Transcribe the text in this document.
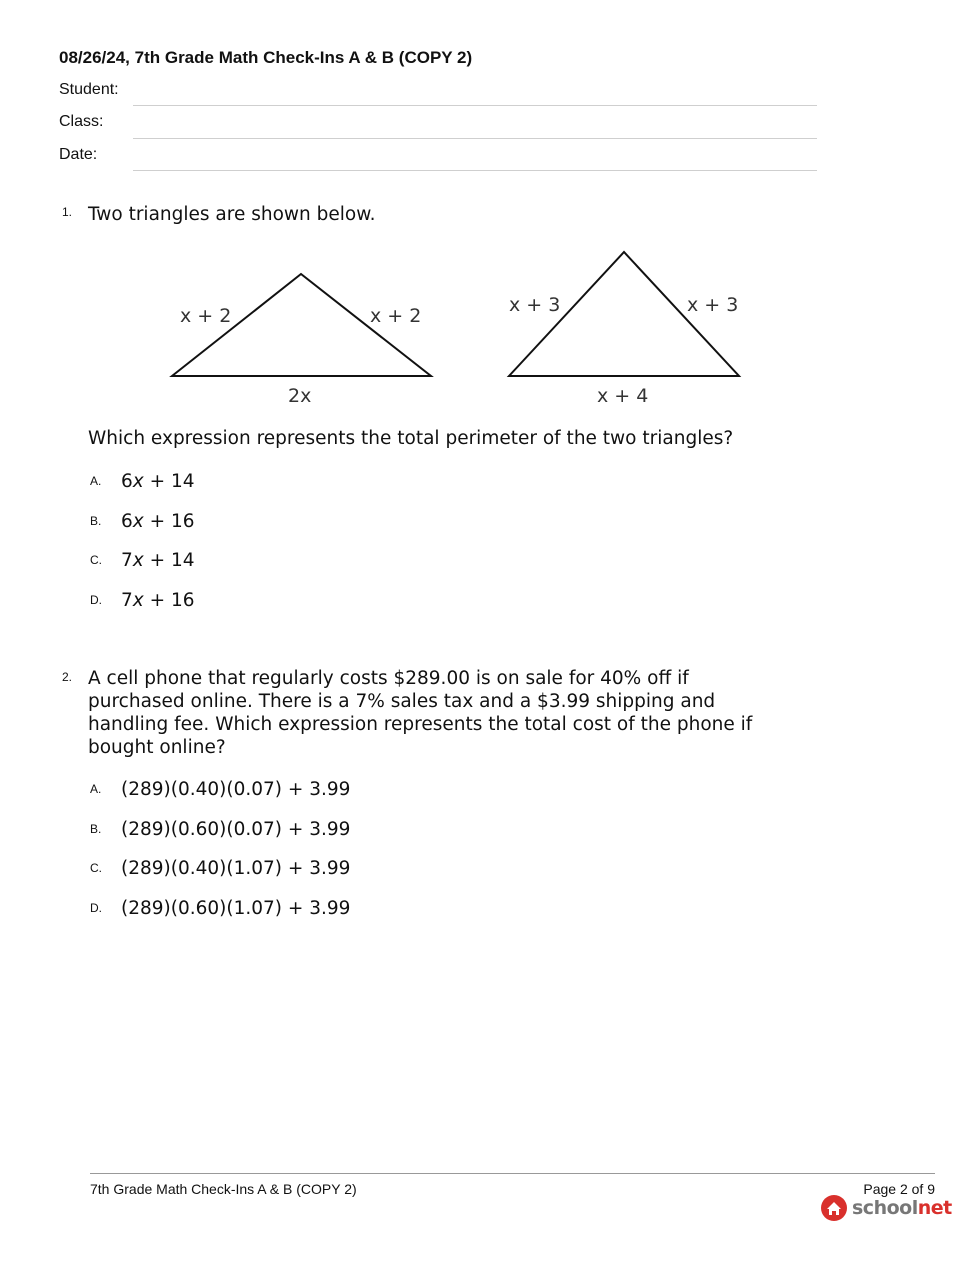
08/26/24, 7th Grade Math Check-Ins A & B (COPY 2)
Student:
Class:
Date:
1. Two triangles are shown below.
x + 2	x + 2
2x
x + 3	x + 3
x + 4
Which expression represents the total perimeter of the two triangles?
A. 6x + 14
B. 6x + 16
C. 7x + 14
D. 7x + 16
2. A cell phone that regularly costs $289.00 is on sale for 40% off if
purchased online. There is a 7% sales tax and a $3.99 shipping and
handling fee. Which expression represents the total cost of the phone if
bought online?
A. (289)(0.40)(0.07) + 3.99
B. (289)(0.60)(0.07) + 3.99
C. (289)(0.40)(1.07) + 3.99
D. (289)(0.60)(1.07) + 3.99
7th Grade Math Check-Ins A & B (COPY 2)	Page 2 of 9
schoolnet
